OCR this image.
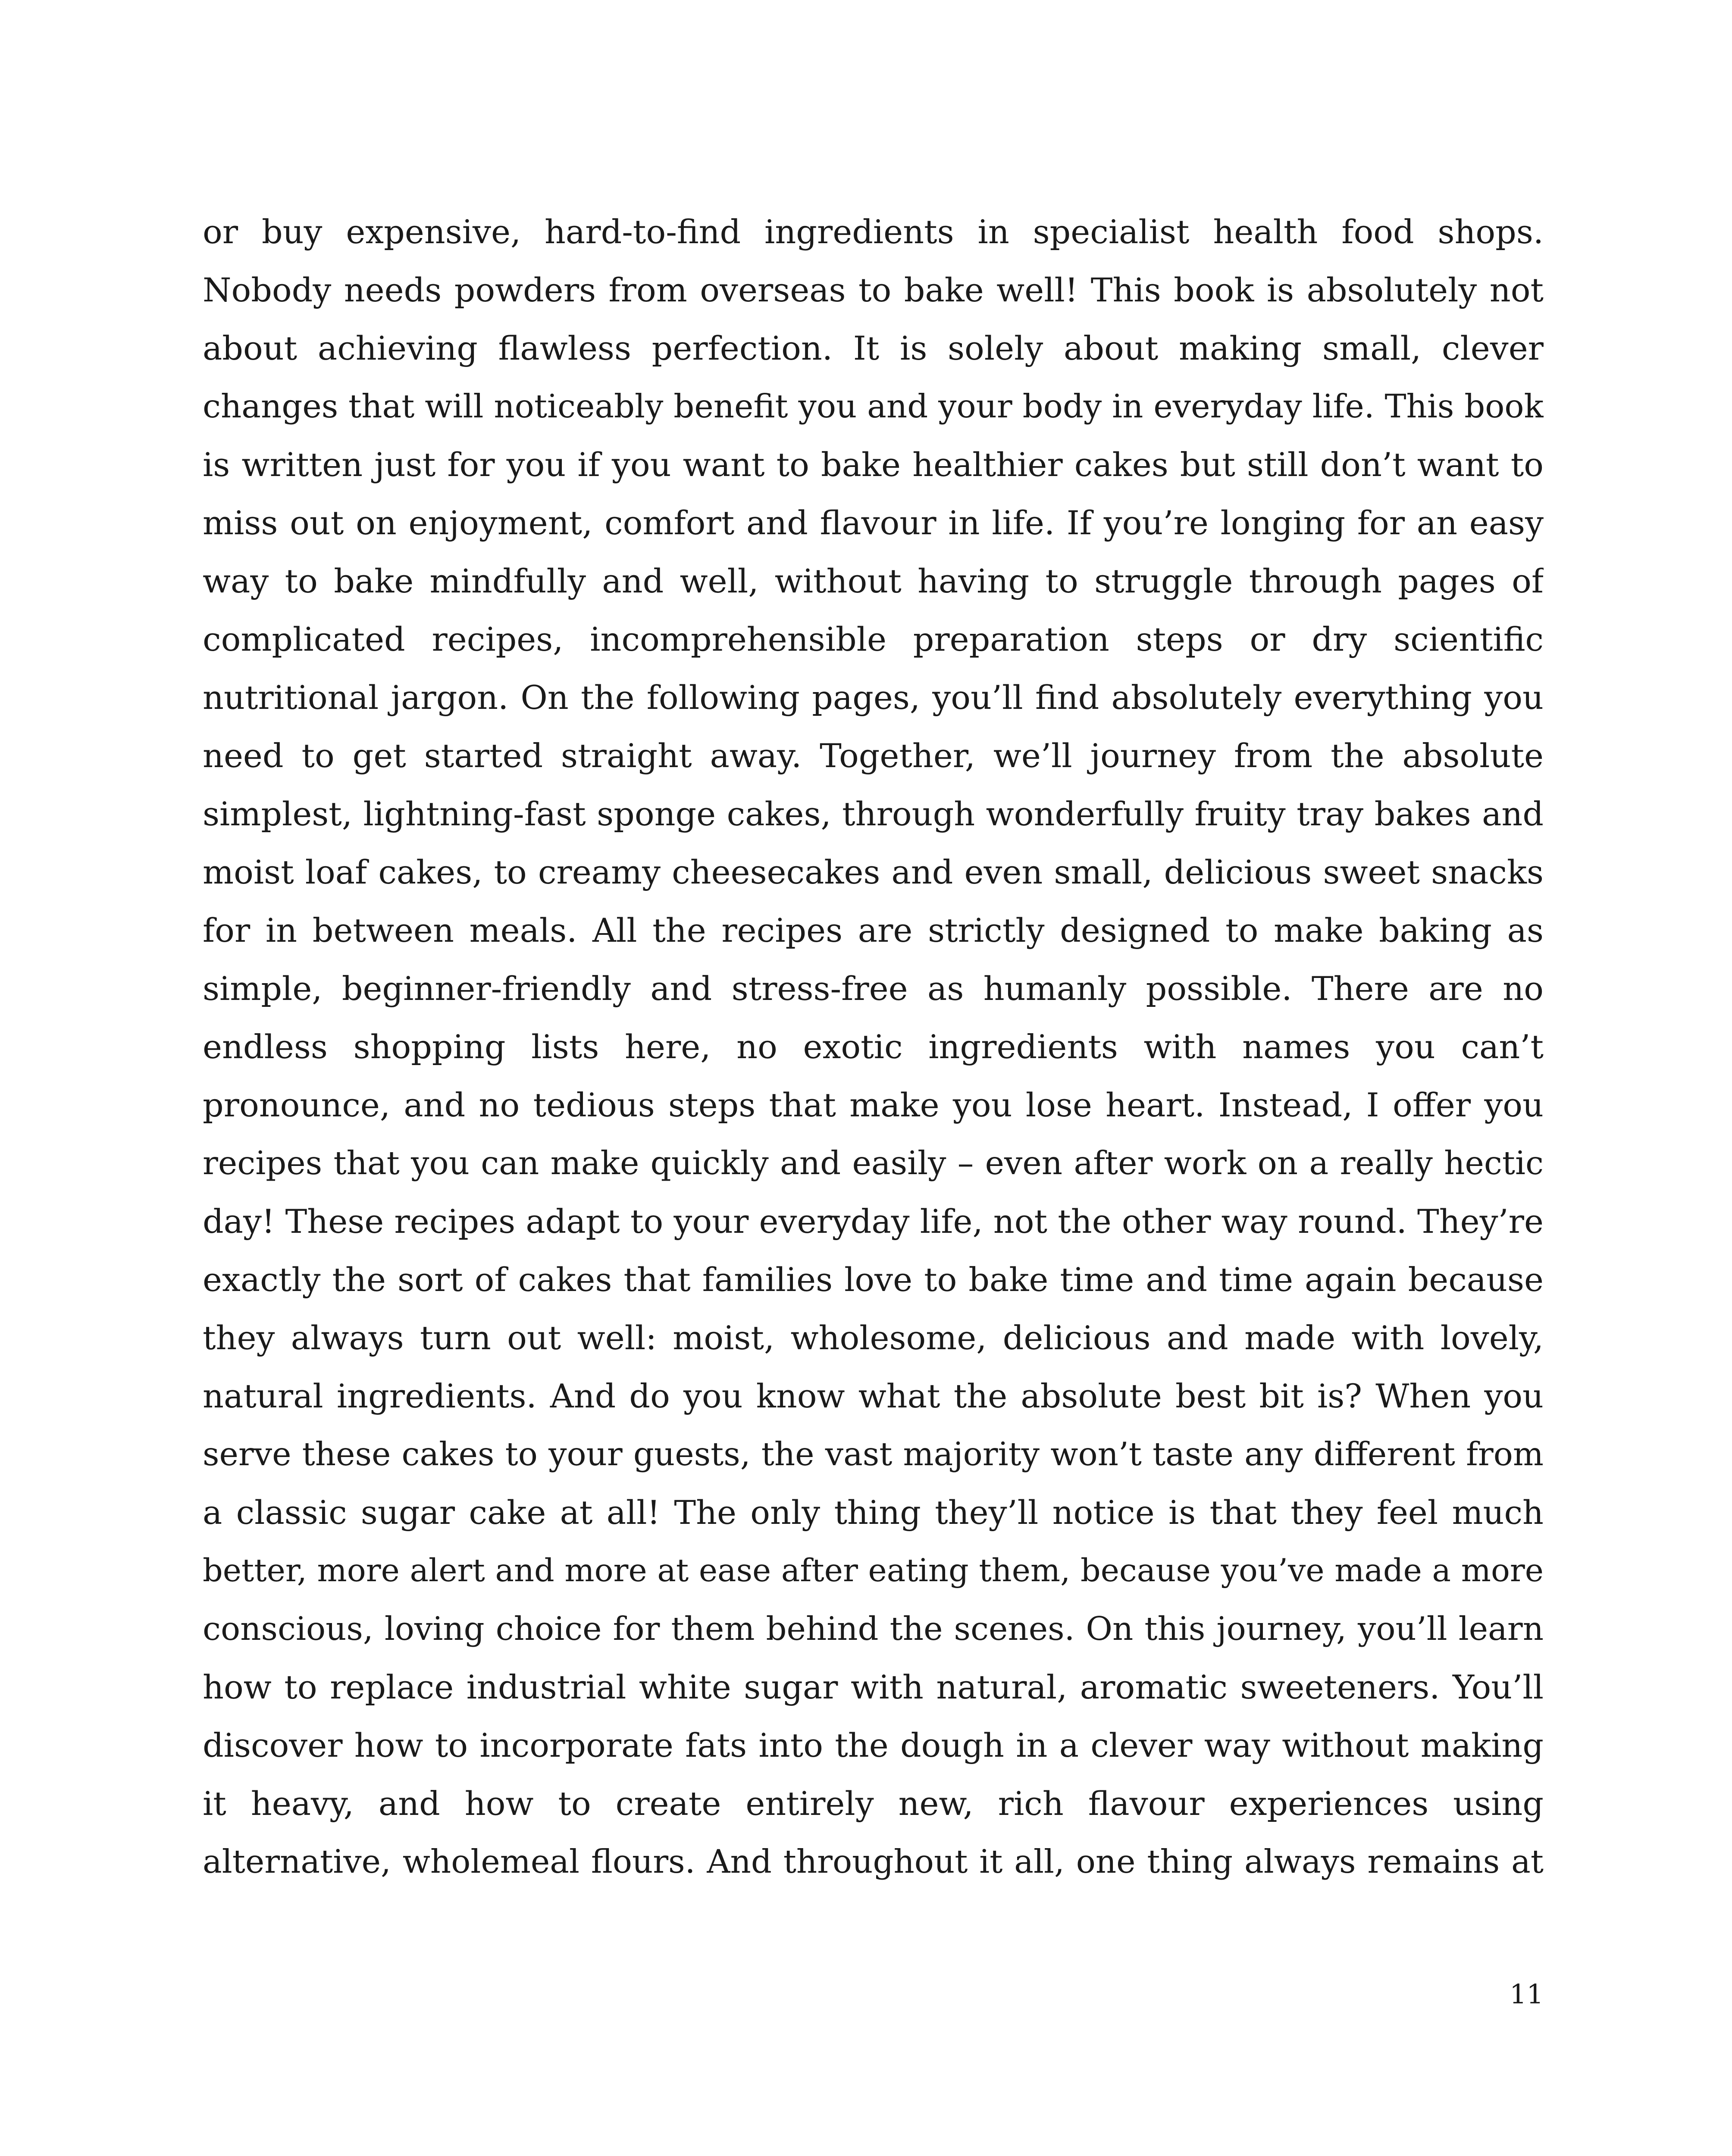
or buy expensive, hard-to-find ingredients in specialist health food shops.
Nobody needs powders from overseas to bake well! This book is absolutely not
about achieving flawless perfection. It is solely about making small, clever
changes that will noticeably benefit you and your body in everyday life. This book
is written just for you if you want to bake healthier cakes but still don’t want to
miss out on enjoyment, comfort and flavour in life. If you’re longing for an easy
way to bake mindfully and well, without having to struggle through pages of
complicated recipes, incomprehensible preparation steps or dry scientific
nutritional jargon. On the following pages, you’ll find absolutely everything you
need to get started straight away. Together, we’ll journey from the absolute
simplest, lightning-fast sponge cakes, through wonderfully fruity tray bakes and
moist loaf cakes, to creamy cheesecakes and even small, delicious sweet snacks
for in between meals. All the recipes are strictly designed to make baking as
simple, beginner-friendly and stress-free as humanly possible. There are no
endless shopping lists here, no exotic ingredients with names you can’t
pronounce, and no tedious steps that make you lose heart. Instead, I offer you
recipes that you can make quickly and easily – even after work on a really hectic
day! These recipes adapt to your everyday life, not the other way round. They’re
exactly the sort of cakes that families love to bake time and time again because
they always turn out well: moist, wholesome, delicious and made with lovely,
natural ingredients. And do you know what the absolute best bit is? When you
serve these cakes to your guests, the vast majority won’t taste any different from
a classic sugar cake at all! The only thing they’ll notice is that they feel much
better, more alert and more at ease after eating them, because you’ve made a more
conscious, loving choice for them behind the scenes. On this journey, you’ll learn
how to replace industrial white sugar with natural, aromatic sweeteners. You’ll
discover how to incorporate fats into the dough in a clever way without making
it heavy, and how to create entirely new, rich flavour experiences using
alternative, wholemeal flours. And throughout it all, one thing always remains at
11
